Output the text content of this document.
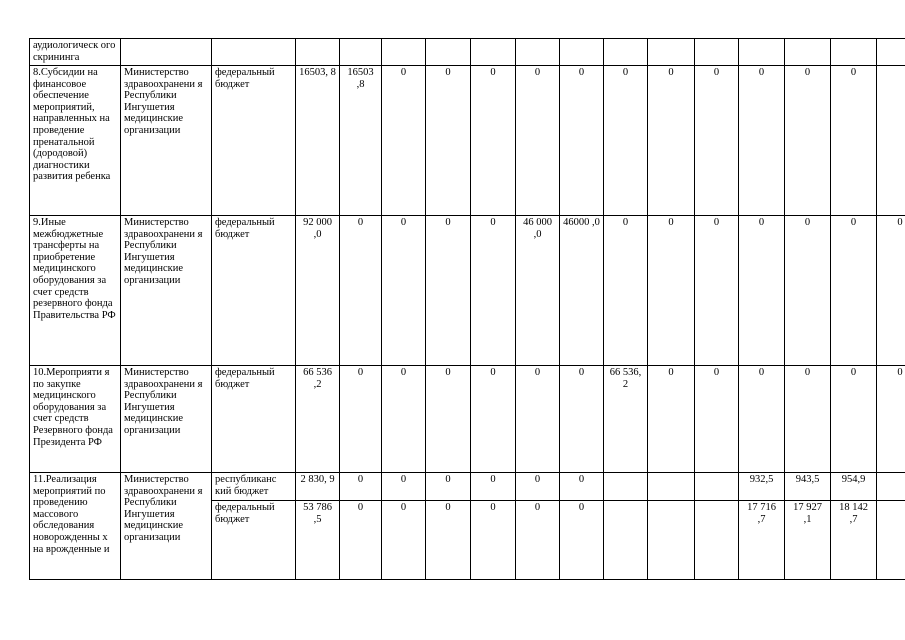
аудиологическ ого скрининга																
8.Субсидии на финансовое обеспечение мероприятий, направленных на проведение пренатальной (дородовой) диагностики развития ребенка	Министерство здравоохранени я Республики Ингушетия медицинские организации	федеральный бюджет	16503, 8	16503 ,8	0	0	0	0	0	0	0	0	0	0	0	
9.Иные межбюджетные трансферты на приобретение медицинского оборудования за счет средств резервного фонда Правительства РФ	Министерство здравоохранени я Республики Ингушетия медицинские организации	федеральный бюджет	92 000 ,0	0	0	0	0	46 000 ,0	46000 ,0	0	0	0	0	0	0	0
10.Мероприяти я по закупке медицинского оборудования за счет средств Резервного фонда Президента РФ	Министерство здравоохранени я Республики Ингушетия медицинские организации	федеральный бюджет	66 536 ,2	0	0	0	0	0	0	66 536, 2	0	0	0	0	0	0
11.Реализация мероприятий по проведению массового обследования новорожденны х на врожденные и	Министерство здравоохранени я Республики Ингушетия медицинские организации	республиканс кий бюджет	2 830, 9	0	0	0	0	0	0				932,5	943,5	954,9	
		федеральный бюджет	53 786 ,5	0	0	0	0	0	0				17 716 ,7	17 927 ,1	18 142 ,7	
